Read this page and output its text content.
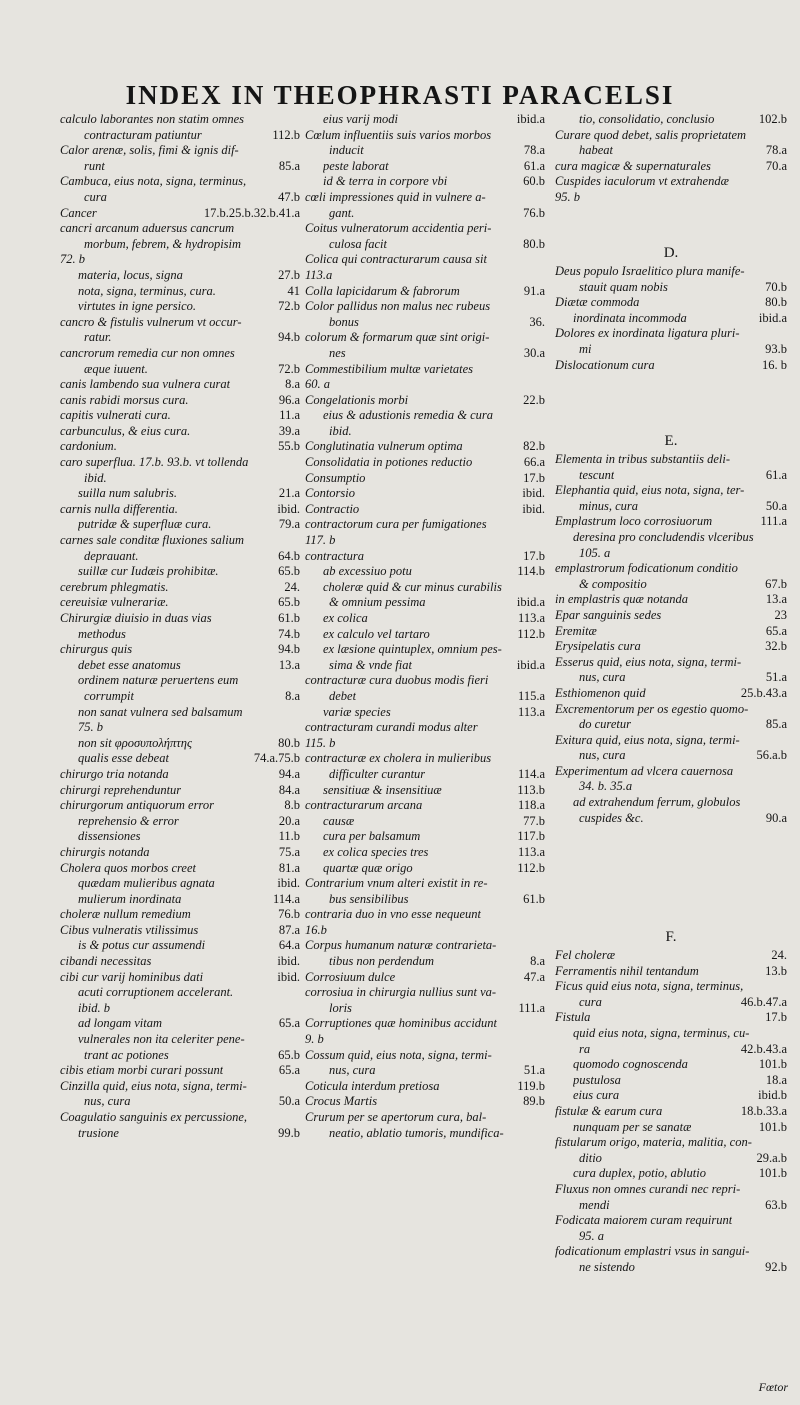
INDEX IN THEOPHRASTI PARACELSI
calculo laborantes non statim omnes
contracturam patiuntur	112.b
Calor arenæ, solis, fimi & ignis dif-
runt	85.a
Cambuca, eius nota, signa, terminus,
cura	47.b
Cancer	17.b.25.b.32.b.41.a
cancri arcanum aduersus cancrum
morbum, febrem, & hydropisim
72. b
materia, locus, signa	27.b
nota, signa, terminus, cura.	41
virtutes in igne persico.	72.b
cancro & fistulis vulnerum vt occur-
ratur.	94.b
cancrorum remedia cur non omnes
æque iuuent.	72.b
canis lambendo sua vulnera curat	8.a
canis rabidi morsus cura.	96.a
capitis vulnerati cura.	11.a
carbunculus, & eius cura.	39.a
cardonium.	55.b
caro superflua. 17.b. 93.b. vt tollenda
ibid.
suilla num salubris.	21.a
carnis nulla differentia.	ibid.
putridæ & superfluæ cura.	79.a
carnes sale conditæ fluxiones salium
deprauant.	64.b
suillæ cur Iudæis prohibitæ.	65.b
cerebrum phlegmatis.	24.
cereuisiæ vulnerariæ.	65.b
Chirurgiæ diuisio in duas vias	61.b
methodus	74.b
chirurgus quis	94.b
debet esse anatomus	13.a
ordinem naturæ peruertens eum
corrumpit	8.a
non sanat vulnera sed balsamum
75. b
non sit φροσυπολήπτης	80.b
qualis esse debeat	74.a.75.b
chirurgo tria notanda	94.a
chirurgi reprehenduntur	84.a
chirurgorum antiquorum error	8.b
reprehensio & error	20.a
dissensiones	11.b
chirurgis notanda	75.a
Cholera quos morbos creet	81.a
quædam mulieribus agnata	ibid.
mulierum inordinata	114.a
choleræ nullum remedium	76.b
Cibus vulneratis vtilissimus	87.a
is & potus cur assumendi	64.a
cibandi necessitas	ibid.
cibi cur varij hominibus dati	ibid.
acuti corruptionem accelerant.
ibid. b
ad longam vitam	65.a
vulnerales non ita celeriter pene-
trant ac potiones	65.b
cibis etiam morbi curari possunt	65.a
Cinzilla quid, eius nota, signa, termi-
nus, cura	50.a
Coagulatio sanguinis ex percussione,
trusione	99.b
eius varij modi	ibid.a
Cœlum influentiis suis varios morbos
inducit	78.a
peste laborat	61.a
id & terra in corpore vbi	60.b
cœli impressiones quid in vulnere a-
gant.	76.b
Coitus vulneratorum accidentia peri-
culosa facit	80.b
Colica qui contracturarum causa sit
113.a
Colla lapicidarum & fabrorum	91.a
Color pallidus non malus nec rubeus
bonus	36.
colorum & formarum quæ sint origi-
nes	30.a
Commestibilium multæ varietates
60. a
Congelationis morbi	22.b
eius & adustionis remedia & cura
ibid.
Conglutinatia vulnerum optima	82.b
Consolidatia in potiones reductio	66.a
Consumptio	17.b
Contorsio	ibid.
Contractio	ibid.
contractorum cura per fumigationes
117. b
contractura	17.b
ab excessiuo potu	114.b
choleræ quid & cur minus curabilis
& omnium pessima	ibid.a
ex colica	113.a
ex calculo vel tartaro	112.b
ex læsione quintuplex, omnium pes-
sima & vnde fiat	ibid.a
contracturæ cura duobus modis fieri
debet	115.a
variæ species	113.a
contracturam curandi modus alter
115. b
contracturæ ex cholera in mulieribus
difficulter curantur	114.a
sensitiuæ & insensitiuæ	113.b
contracturarum arcana	118.a
causæ	77.b
cura per balsamum	117.b
ex colica species tres	113.a
quartæ quæ origo	112.b
Contrarium vnum alteri existit in re-
bus sensibilibus	61.b
contraria duo in vno esse nequeunt
16.b
Corpus humanum naturæ contrarieta-
tibus non perdendum	8.a
Corrosiuum dulce	47.a
corrosiua in chirurgia nullius sunt va-
loris	111.a
Corruptiones quæ hominibus accidunt
9. b
Cossum quid, eius nota, signa, termi-
nus, cura	51.a
Coticula interdum pretiosa	119.b
Crocus Martis	89.b
Crurum per se apertorum cura, bal-
neatio, ablatio tumoris, mundifica-
tio, consolidatio, conclusio	102.b
Curare quod debet, salis proprietatem
habeat	78.a
cura magicæ & supernaturales	70.a
Cuspides iaculorum vt extrahendæ
95. b
D.
Deus populo Israelitico plura manife-
stauit quam nobis	70.b
Diætæ commoda	80.b
inordinata incommoda	ibid.a
Dolores ex inordinata ligatura pluri-
mi	93.b
Dislocationum cura	16. b
E.
Elementa in tribus substantiis deli-
tescunt	61.a
Elephantia quid, eius nota, signa, ter-
minus, cura	50.a
Emplastrum loco corrosiuorum	111.a
deresina pro concludendis vlceribus
105. a
emplastrorum fodicationum conditio
& compositio	67.b
in emplastris quæ notanda	13.a
Epar sanguinis sedes	23
Eremitæ	65.a
Erysipelatis cura	32.b
Esserus quid, eius nota, signa, termi-
nus, cura	51.a
Esthiomenon quid	25.b.43.a
Excrementorum per os egestio quomo-
do curetur	85.a
Exitura quid, eius nota, signa, termi-
nus, cura	56.a.b
Experimentum ad vlcera cauernosa
34. b. 35.a
ad extrahendum ferrum, globulos
cuspides &c.	90.a
F.
Fel choleræ	24.
Ferramentis nihil tentandum	13.b
Ficus quid eius nota, signa, terminus,
cura	46.b.47.a
Fistula	17.b
quid eius nota, signa, terminus, cu-
ra	42.b.43.a
quomodo cognoscenda	101.b
pustulosa	18.a
eius cura	ibid.b
fistulæ & earum cura	18.b.33.a
nunquam per se sanatæ	101.b
fistularum origo, materia, malitia, con-
ditio	29.a.b
cura duplex, potio, ablutio	101.b
Fluxus non omnes curandi nec repri-
mendi	63.b
Fodicata maiorem curam requirunt
95. a
fodicationum emplastri vsus in sangui-
ne sistendo	92.b
Fœtor
